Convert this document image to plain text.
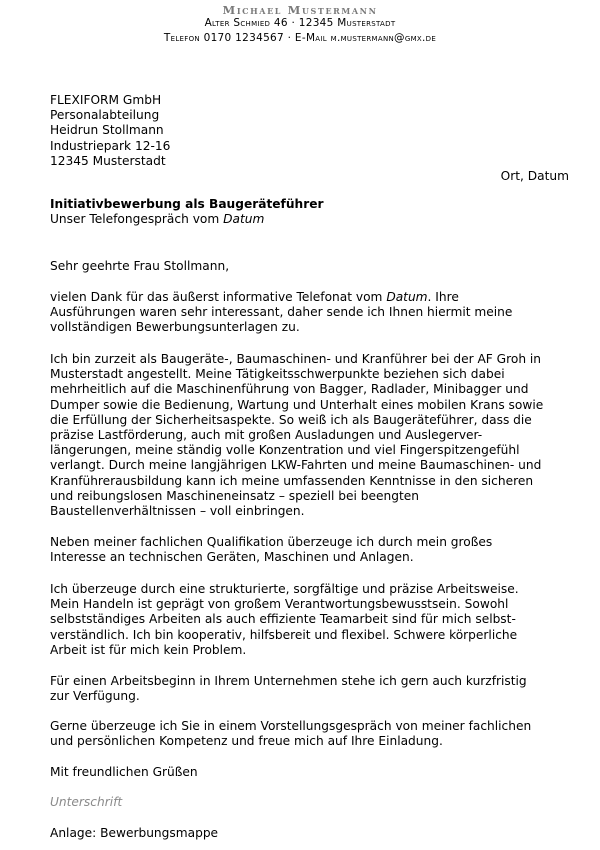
Michael Mustermann
Alter Schmied 46 · 12345 Musterstadt
Telefon 0170 1234567 · E-Mail m.mustermann@gmx.de
FLEXIFORM GmbH
Personalabteilung
Heidrun Stollmann
Industriepark 12-16
12345 Musterstadt
Ort, Datum
Initiativbewerbung als Baugeräteführer
Unser Telefongespräch vom Datum
Sehr geehrte Frau Stollmann,
vielen Dank für das äußerst informative Telefonat vom Datum. Ihre
Ausführungen waren sehr interessant, daher sende ich Ihnen hiermit meine
vollständigen Bewerbungsunterlagen zu.
Ich bin zurzeit als Baugeräte-, Baumaschinen- und Kranführer bei der AF Groh in
Musterstadt angestellt. Meine Tätigkeitsschwerpunkte beziehen sich dabei
mehrheitlich auf die Maschinenführung von Bagger, Radlader, Minibagger und
Dumper sowie die Bedienung, Wartung und Unterhalt eines mobilen Krans sowie
die Erfüllung der Sicherheitsaspekte. So weiß ich als Baugeräteführer, dass die
präzise Lastförderung, auch mit großen Ausladungen und Auslegerver-
längerungen, meine ständig volle Konzentration und viel Fingerspitzengefühl
verlangt. Durch meine langjährigen LKW-Fahrten und meine Baumaschinen- und
Kranführerausbildung kann ich meine umfassenden Kenntnisse in den sicheren
und reibungslosen Maschineneinsatz – speziell bei beengten
Baustellenverhältnissen – voll einbringen.
Neben meiner fachlichen Qualifikation überzeuge ich durch mein großes
Interesse an technischen Geräten, Maschinen und Anlagen.
Ich überzeuge durch eine strukturierte, sorgfältige und präzise Arbeitsweise.
Mein Handeln ist geprägt von großem Verantwortungsbewusstsein. Sowohl
selbstständiges Arbeiten als auch effiziente Teamarbeit sind für mich selbst-
verständlich. Ich bin kooperativ, hilfsbereit und flexibel. Schwere körperliche
Arbeit ist für mich kein Problem.
Für einen Arbeitsbeginn in Ihrem Unternehmen stehe ich gern auch kurzfristig
zur Verfügung.
Gerne überzeuge ich Sie in einem Vorstellungsgespräch von meiner fachlichen
und persönlichen Kompetenz und freue mich auf Ihre Einladung.
Mit freundlichen Grüßen
Unterschrift
Anlage: Bewerbungsmappe
